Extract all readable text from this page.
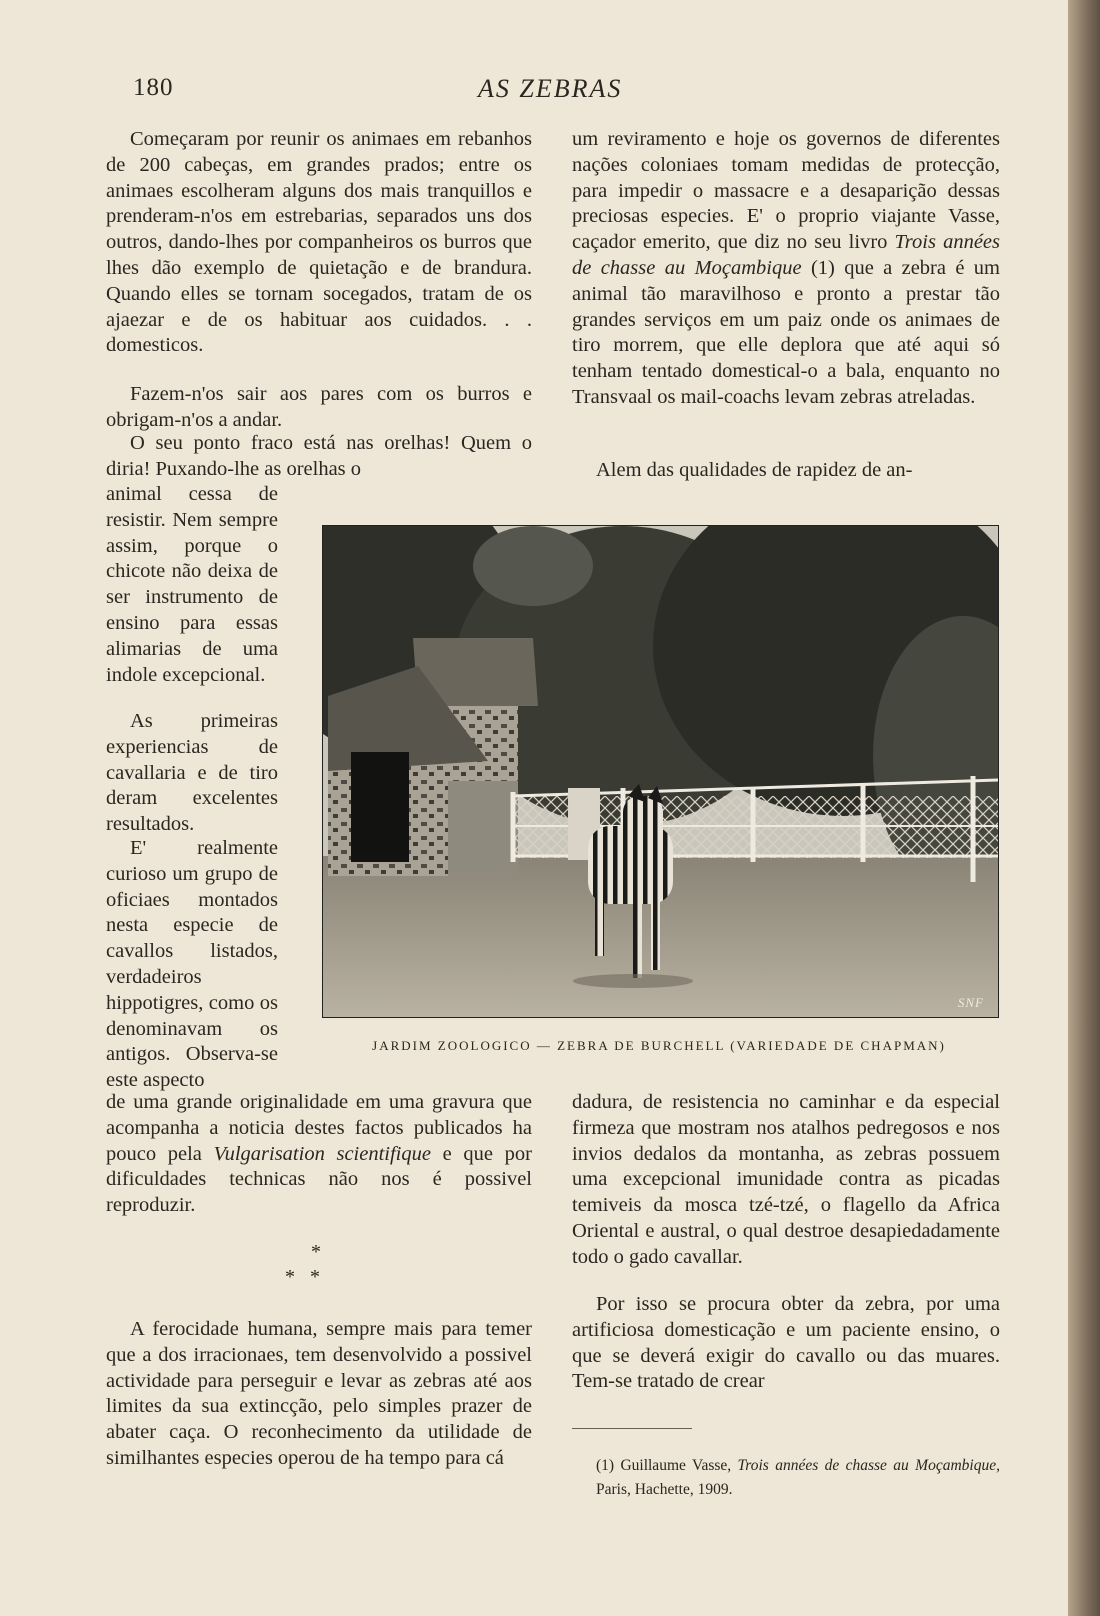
180	AS ZEBRAS

Começaram por reunir os animaes em rebanhos de 200 cabeças, em grandes prados; entre os animaes escolheram alguns dos mais tranquillos e prenderam-n'os em estrebarias, separados uns dos outros, dando-lhes por companheiros os burros que lhes dão exemplo de quietação e de brandura. Quando elles se tornam socegados, tratam de os ajaezar e de os habituar aos cuidados. . . domesticos.

Fazem-n'os sair aos pares com os burros e obrigam-n'os a andar.

O seu ponto fraco está nas orelhas! Quem o diria! Puxando-lhe as orelhas o

animal cessa de resistir. Nem sempre assim, porque o chicote não deixa de ser instrumento de ensino para essas alimarias de uma indole excepcional.

As primeiras experiencias de cavallaria e de tiro deram excelentes resultados.

E' realmente curioso um grupo de oficiaes montados nesta especie de cavallos listados, verdadeiros hippotigres, como os denominavam os antigos. Observa-se este aspecto

de uma grande originalidade em uma gravura que acompanha a noticia destes factos publicados ha pouco pela Vulgarisation scientifique e que por dificuldades technicas não nos é possivel reproduzir.

*
*   *

A ferocidade humana, sempre mais para temer que a dos irracionaes, tem desenvolvido a possivel actividade para perseguir e levar as zebras até aos limites da sua extincção, pelo simples prazer de abater caça. O reconhecimento da utilidade de similhantes especies operou de ha tempo para cá

um reviramento e hoje os governos de diferentes nações coloniaes tomam medidas de protecção, para impedir o massacre e a desaparição dessas preciosas especies. E' o proprio viajante Vasse, caçador emerito, que diz no seu livro Trois années de chasse au Moçambique (1) que a zebra é um animal tão maravilhoso e pronto a prestar tão grandes serviços em um paiz onde os animaes de tiro morrem, que elle deplora que até aqui só tenham tentado domestical-o a bala, enquanto no Transvaal os mail-coachs levam zebras atreladas.

Alem das qualidades de rapidez de an-

dadura, de resistencia no caminhar e da especial firmeza que mostram nos atalhos pedregosos e nos invios dedalos da montanha, as zebras possuem uma excepcional imunidade contra as picadas temiveis da mosca tzé-tzé, o flagello da Africa Oriental e austral, o qual destroe desapiedadamente todo o gado cavallar.

Por isso se procura obter da zebra, por uma artificiosa domesticação e um paciente ensino, o que se deverá exigir do cavallo ou das muares. Tem-se tratado de crear

SNF
JARDIM ZOOLOGICO — ZEBRA DE BURCHELL (VARIEDADE DE CHAPMAN)

(1) Guillaume Vasse, Trois années de chasse au Moçambique, Paris, Hachette, 1909.
